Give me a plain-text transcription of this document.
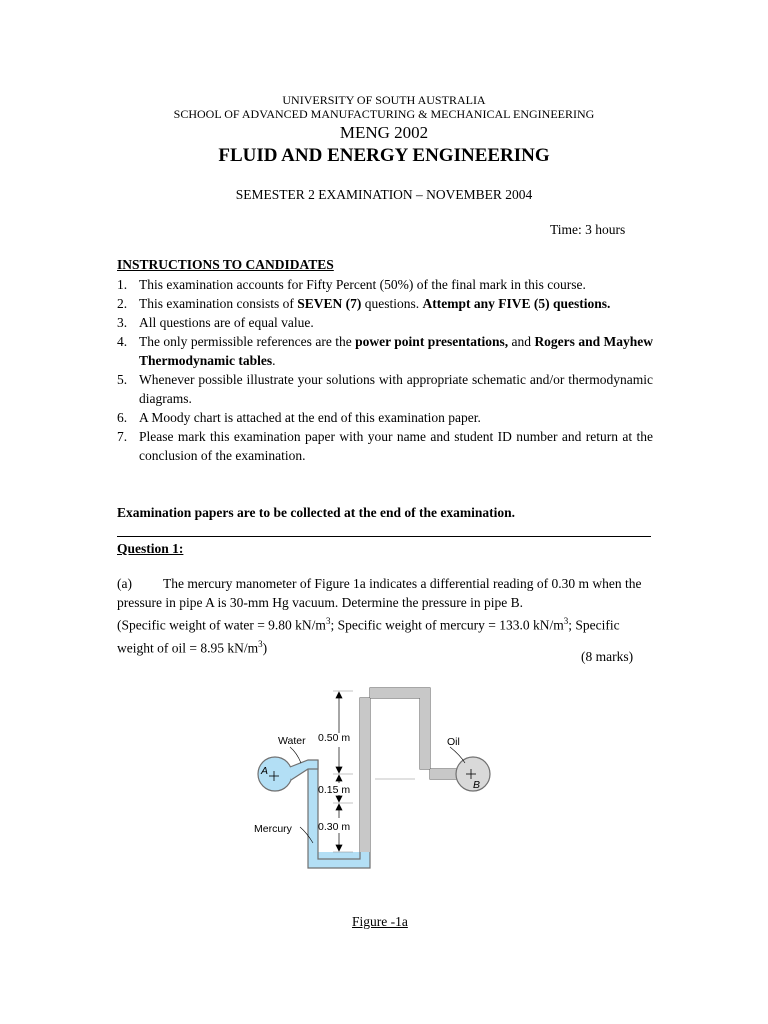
UNIVERSITY OF SOUTH AUSTRALIA
SCHOOL OF ADVANCED MANUFACTURING & MECHANICAL ENGINEERING
MENG 2002
FLUID AND ENERGY ENGINEERING
SEMESTER 2 EXAMINATION – NOVEMBER 2004
Time: 3 hours
INSTRUCTIONS TO CANDIDATES
1. This examination accounts for Fifty Percent (50%) of the final mark in this course.
2. This examination consists of SEVEN (7) questions. Attempt any FIVE (5) questions.
3. All questions are of equal value.
4. The only permissible references are the power point presentations, and Rogers and Mayhew Thermodynamic tables.
5. Whenever possible illustrate your solutions with appropriate schematic and/or thermodynamic diagrams.
6. A Moody chart is attached at the end of this examination paper.
7. Please mark this examination paper with your name and student ID number and return at the conclusion of the examination.
Examination papers are to be collected at the end of the examination.
Question 1:
(a) The mercury manometer of Figure 1a indicates a differential reading of 0.30 m when the pressure in pipe A is 30-mm Hg vacuum. Determine the pressure in pipe B.
(Specific weight of water = 9.80 $kN/m^3$; Specific weight of mercury = 133.0 $kN/m^3$; Specific weight of oil = 8.95 $kN/m^3$)
(8 marks)
Water	Oil
Mercury
0.50 m
0.15 m
0.30 m
A
B
Figure -1a
